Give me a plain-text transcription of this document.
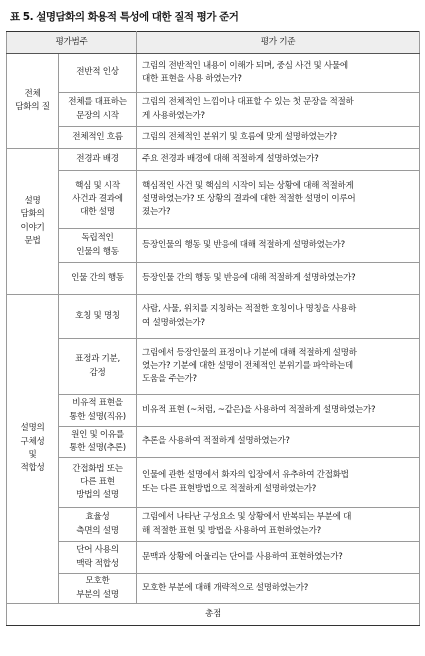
표 5. 설명담화의 화용적 특성에 대한 질적 평가 준거
평가범주		평가 기준

전체
담화의 질	전반적 인상	그림의 전반적인 내용이 이해가 되며, 중심 사건 및 사물에
대한 표현을 사용 하였는가?

	전체를 대표하는
문장의 시작	그림의 전체적인 느낌이나 대표할 수 있는 첫 문장을 적절하
게 사용하였는가?

	전체적인 흐름	그림의 전체적인 분위기 및 흐름에 맞게 설명하였는가?

설명
담화의
이야기
문법	전경과 배경	주요 전경과 배경에 대해 적절하게 설명하였는가?

	핵심 및 시작
사건과 결과에
대한 설명	핵심적인 사건 및 핵심의 시작이 되는 상황에 대해 적절하게
설명하였는가? 또 상황의 결과에 대한 적절한 설명이 이루어
졌는가?

	독립적인
인물의 행동	등장인물의 행동 및 반응에 대해 적절하게 설명하였는가?

	인물 간의 행동	등장인물 간의 행동 및 반응에 대해 적절하게 설명하였는가?

설명의
구체성
및
적합성	호칭 및 명칭	사람, 사물, 위치를 지칭하는 적절한 호칭이나 명칭을 사용하
여 설명하였는가?

	표정과 기분,
감정	그림에서 등장인물의 표정이나 기분에 대해 적절하게 설명하
였는가? 기분에 대한 설명이 전체적인 분위기를 파악하는데
도움을 주는가?

	비유적 표현을
통한 설명(직유)	비유적 표현 (~처럼, ~같은)을 사용하여 적절하게 설명하였는가?

	원인 및 이유를
통한 설명(추론)	추론을 사용하여 적절하게 설명하였는가?

	간접화법 또는
다른 표현
방법의 설명	인물에 관한 설명에서 화자의 입장에서 유추하여 간접화법
또는 다른 표현방법으로 적절하게 설명하였는가?

	효율성
측면의 설명	그림에서 나타난 구성요소 및 상황에서 반복되는 부분에 대
해 적절한 표현 및 방법을 사용하여 표현하였는가?

	단어 사용의
맥락 적합성	문맥과 상황에 어울리는 단어를 사용하여 표현하였는가?

	모호한
부분의 설명	모호한 부분에 대해 개략적으로 설명하였는가?

총점		
